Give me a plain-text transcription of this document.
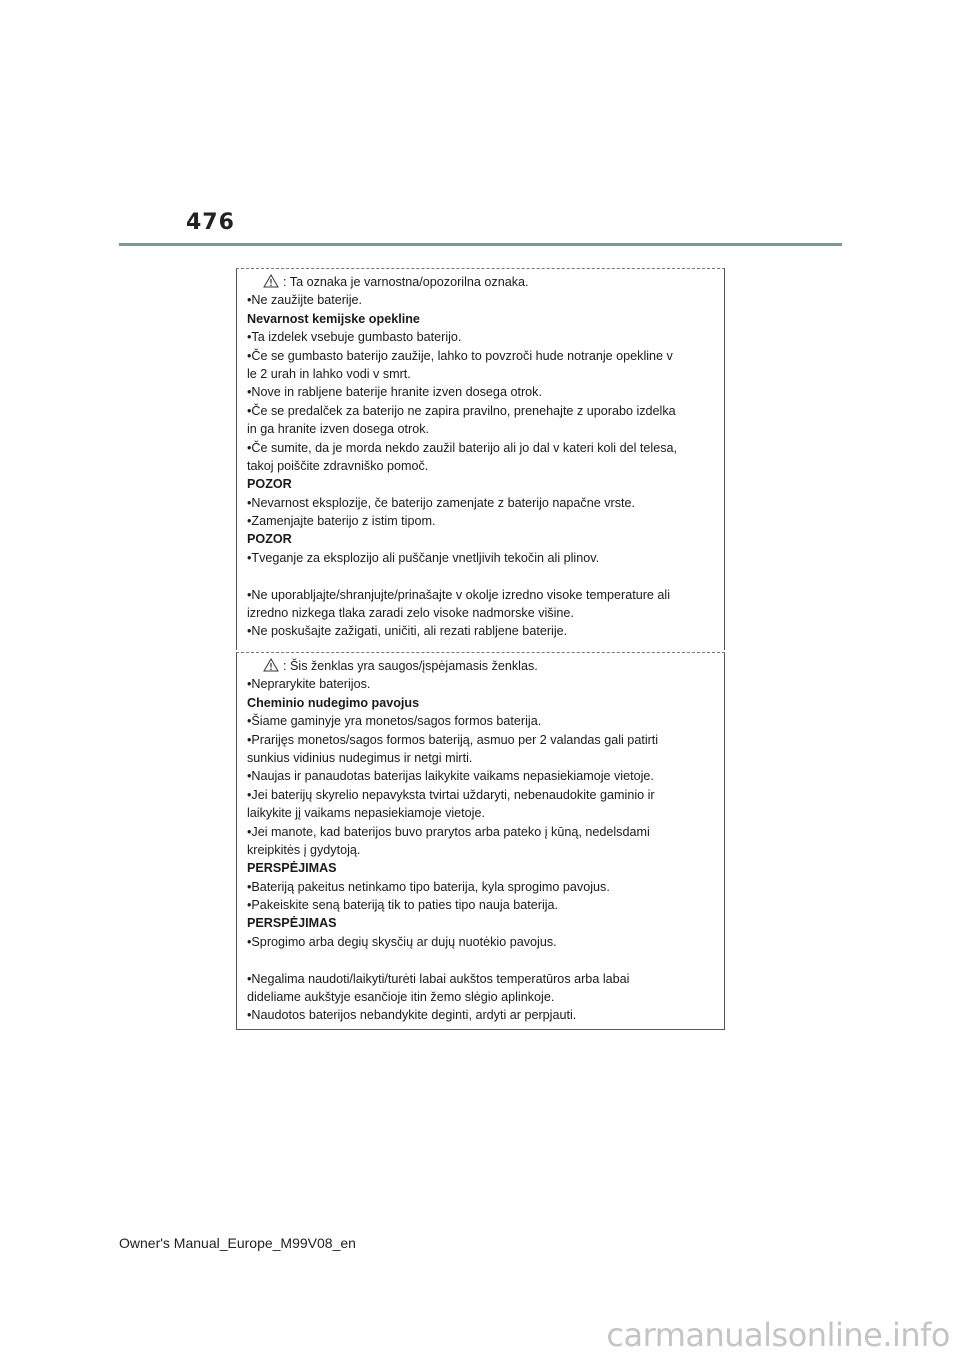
476
: Ta oznaka je varnostna/opozorilna oznaka.
•Ne zaužijte baterije.
Nevarnost kemijske opekline
•Ta izdelek vsebuje gumbasto baterijo.
•Če se gumbasto baterijo zaužije, lahko to povzroči hude notranje opekline v
le 2 urah in lahko vodi v smrt.
•Nove in rabljene baterije hranite izven dosega otrok.
•Če se predalček za baterijo ne zapira pravilno, prenehajte z uporabo izdelka
in ga hranite izven dosega otrok.
•Če sumite, da je morda nekdo zaužil baterijo ali jo dal v kateri koli del telesa,
takoj poiščite zdravniško pomoč.
POZOR
•Nevarnost eksplozije, če baterijo zamenjate z baterijo napačne vrste.
•Zamenjajte baterijo z istim tipom.
POZOR
•Tveganje za eksplozijo ali puščanje vnetljivih tekočin ali plinov.
•Ne uporabljajte/shranjujte/prinašajte v okolje izredno visoke temperature ali
izredno nizkega tlaka zaradi zelo visoke nadmorske višine.
•Ne poskušajte zažigati, uničiti, ali rezati rabljene baterije.
: Šis ženklas yra saugos/įspėjamasis ženklas.
•Neprarykite baterijos.
Cheminio nudegimo pavojus
•Šiame gaminyje yra monetos/sagos formos baterija.
•Prarijęs monetos/sagos formos bateriją, asmuo per 2 valandas gali patirti
sunkius vidinius nudegimus ir netgi mirti.
•Naujas ir panaudotas baterijas laikykite vaikams nepasiekiamoje vietoje.
•Jei baterijų skyrelio nepavyksta tvirtai uždaryti, nebenaudokite gaminio ir
laikykite jį vaikams nepasiekiamoje vietoje.
•Jei manote, kad baterijos buvo prarytos arba pateko į kūną, nedelsdami
kreipkitės į gydytoją.
PERSPĖJIMAS
•Bateriją pakeitus netinkamo tipo baterija, kyla sprogimo pavojus.
•Pakeiskite seną bateriją tik to paties tipo nauja baterija.
PERSPĖJIMAS
•Sprogimo arba degių skysčių ar dujų nuotėkio pavojus.
•Negalima naudoti/laikyti/turėti labai aukštos temperatūros arba labai
dideliame aukštyje esančioje itin žemo slėgio aplinkoje.
•Naudotos baterijos nebandykite deginti, ardyti ar perpjauti.
Owner's Manual_Europe_M99V08_en
carmanualsonline.info
